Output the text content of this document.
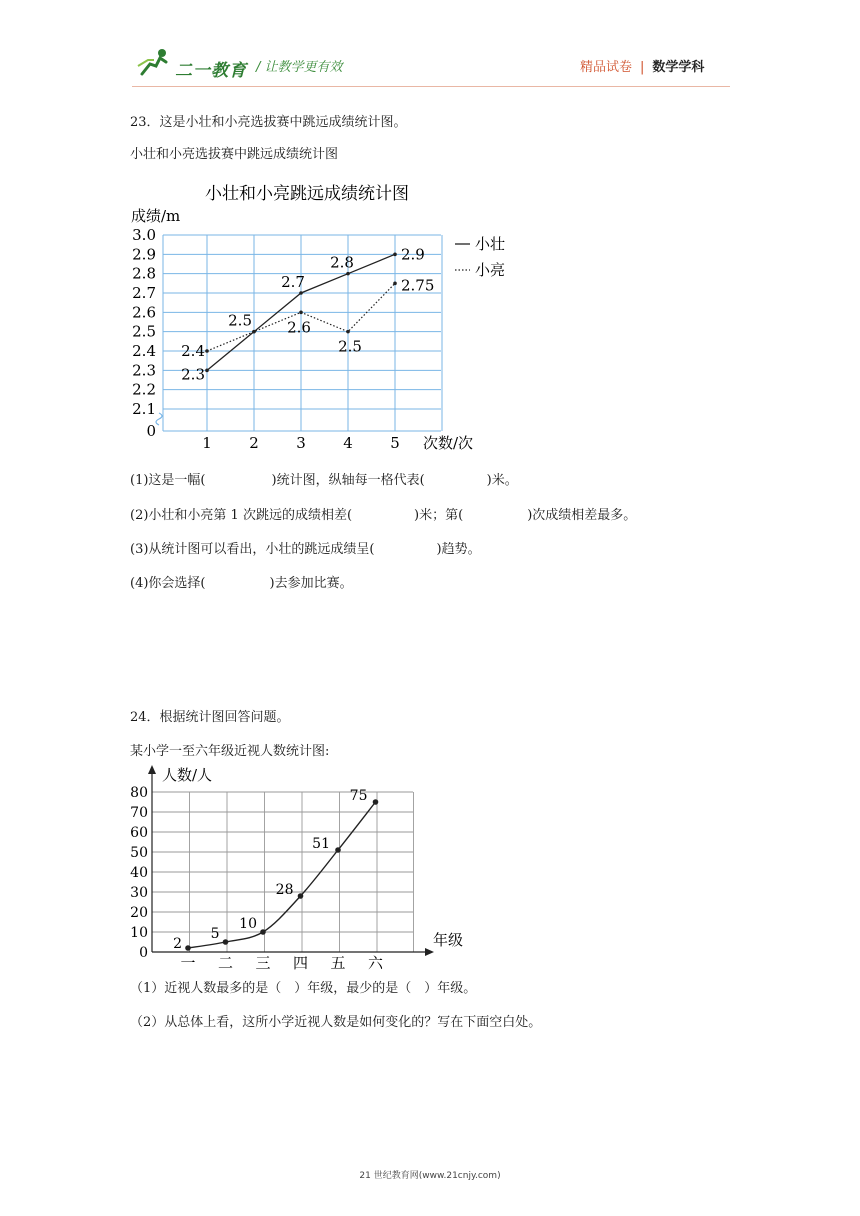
二一教育 / 让教学更有效	精品试卷 | 数学学科
23．这是小壮和小亮选拔赛中跳远成绩统计图。
小壮和小亮选拔赛中跳远成绩统计图
小壮和小亮跳远成绩统计图
成绩/m
次数/次
0
2.1
2.2
2.3
2.4
2.5
2.6
2.7
2.8
2.9
3.0
1 2 3 4 5
2.3
2.5
2.7
2.8	2.9
2.4
2.6
2.5
2.75
小壮
小亮
(1)这是一幅(	)统计图，纵轴每一格代表(	)米。
(2)小壮和小亮第 1 次跳远的成绩相差(	)米；第(	)次成绩相差最多。
(3)从统计图可以看出，小壮的跳远成绩呈(	)趋势。
(4)你会选择(	)去参加比赛。
24．根据统计图回答问题。
某小学一至六年级近视人数统计图:
人数/人
年级
0
10
20
30
40
50
60
70
80
一 二 三 四 五 六
2
5
10
28
51
75
（1）近视人数最多的是（　）年级，最少的是（　）年级。
（2）从总体上看，这所小学近视人数是如何变化的？写在下面空白处。
21 世纪教育网(www.21cnjy.com)
